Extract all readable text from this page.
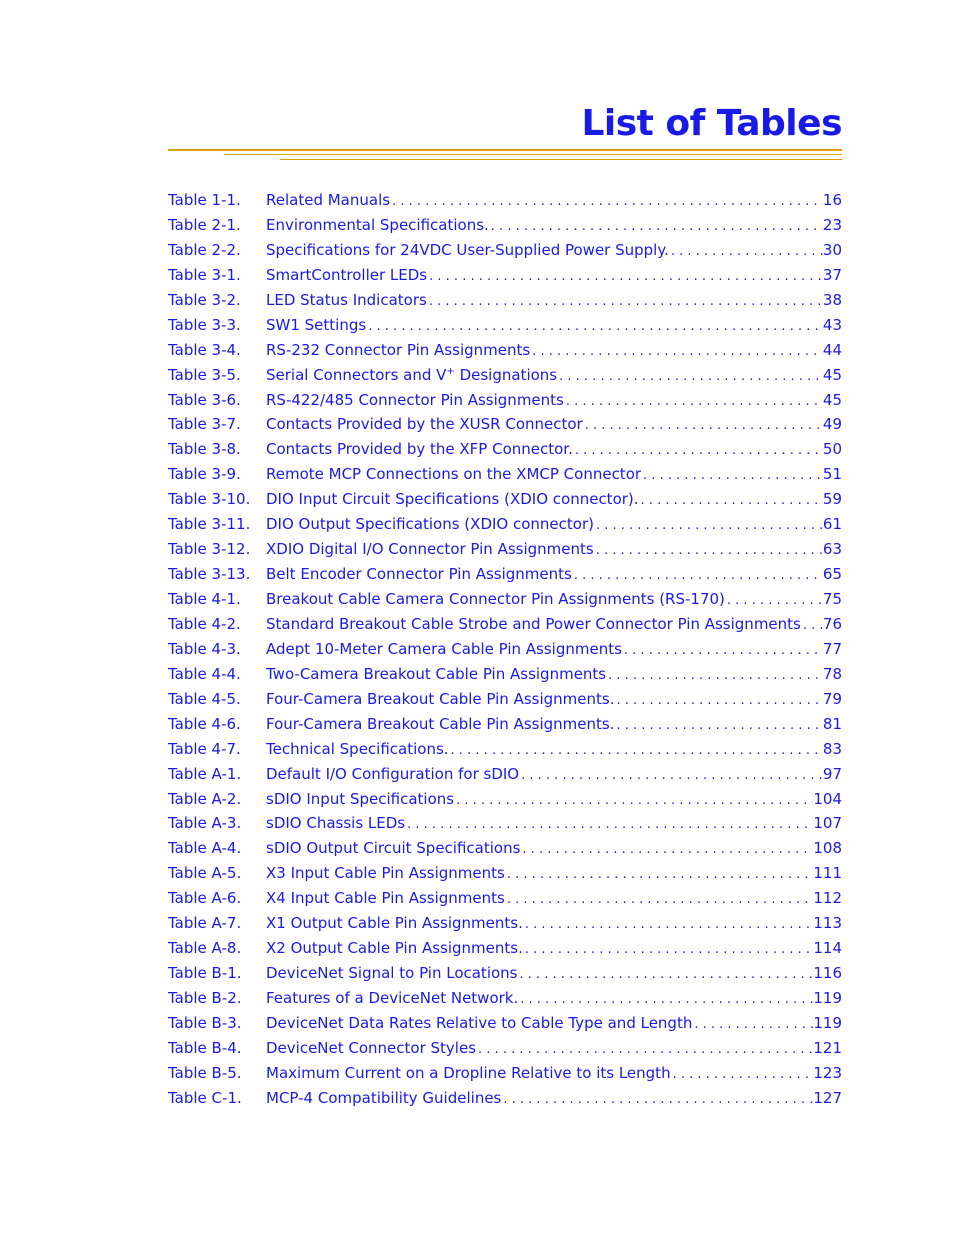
List of Tables
Table 1-1.	Related Manuals . . .	16
Table 2-1.	Environmental Specifications. . . .	23
Table 2-2.	Specifications for 24VDC User-Supplied Power Supply. . . .	30
Table 3-1.	SmartController LEDs . . .	37
Table 3-2.	LED Status Indicators . . .	38
Table 3-3.	SW1 Settings . . .	43
Table 3-4.	RS-232 Connector Pin Assignments . . .	44
Table 3-5.	Serial Connectors and V+ Designations . . .	45
Table 3-6.	RS-422/485 Connector Pin Assignments . . .	45
Table 3-7.	Contacts Provided by the XUSR Connector . . .	49
Table 3-8.	Contacts Provided by the XFP Connector. . . .	50
Table 3-9.	Remote MCP Connections on the XMCP Connector . . .	51
Table 3-10.	DIO Input Circuit Specifications (XDIO connector). . . .	59
Table 3-11.	DIO Output Specifications (XDIO connector) . . .	61
Table 3-12.	XDIO Digital I/O Connector Pin Assignments . . .	63
Table 3-13.	Belt Encoder Connector Pin Assignments . . .	65
Table 4-1.	Breakout Cable Camera Connector Pin Assignments (RS-170) . . .	75
Table 4-2.	Standard Breakout Cable Strobe and Power Connector Pin Assignments . . . 76
Table 4-3.	Adept 10-Meter Camera Cable Pin Assignments . . .	77
Table 4-4.	Two-Camera Breakout Cable Pin Assignments . . .	78
Table 4-5.	Four-Camera Breakout Cable Pin Assignments. . . .	79
Table 4-6.	Four-Camera Breakout Cable Pin Assignments. . . .	81
Table 4-7.	Technical Specifications. . . .	83
Table A-1.	Default I/O Configuration for sDIO . . .	97
Table A-2.	sDIO Input Specifications . . .	104
Table A-3.	sDIO Chassis LEDs . . .	107
Table A-4.	sDIO Output Circuit Specifications . . .	108
Table A-5.	X3 Input Cable Pin Assignments . . .	111
Table A-6.	X4 Input Cable Pin Assignments . . .	112
Table A-7.	X1 Output Cable Pin Assignments. . . .	113
Table A-8.	X2 Output Cable Pin Assignments. . . .	114
Table B-1.	DeviceNet Signal to Pin Locations . . .	116
Table B-2.	Features of a DeviceNet Network. . . .	119
Table B-3.	DeviceNet Data Rates Relative to Cable Type and Length . . .	119
Table B-4.	DeviceNet Connector Styles . . .	121
Table B-5.	Maximum Current on a Dropline Relative to its Length . . .	123
Table C-1.	MCP-4 Compatibility Guidelines . . .	127
